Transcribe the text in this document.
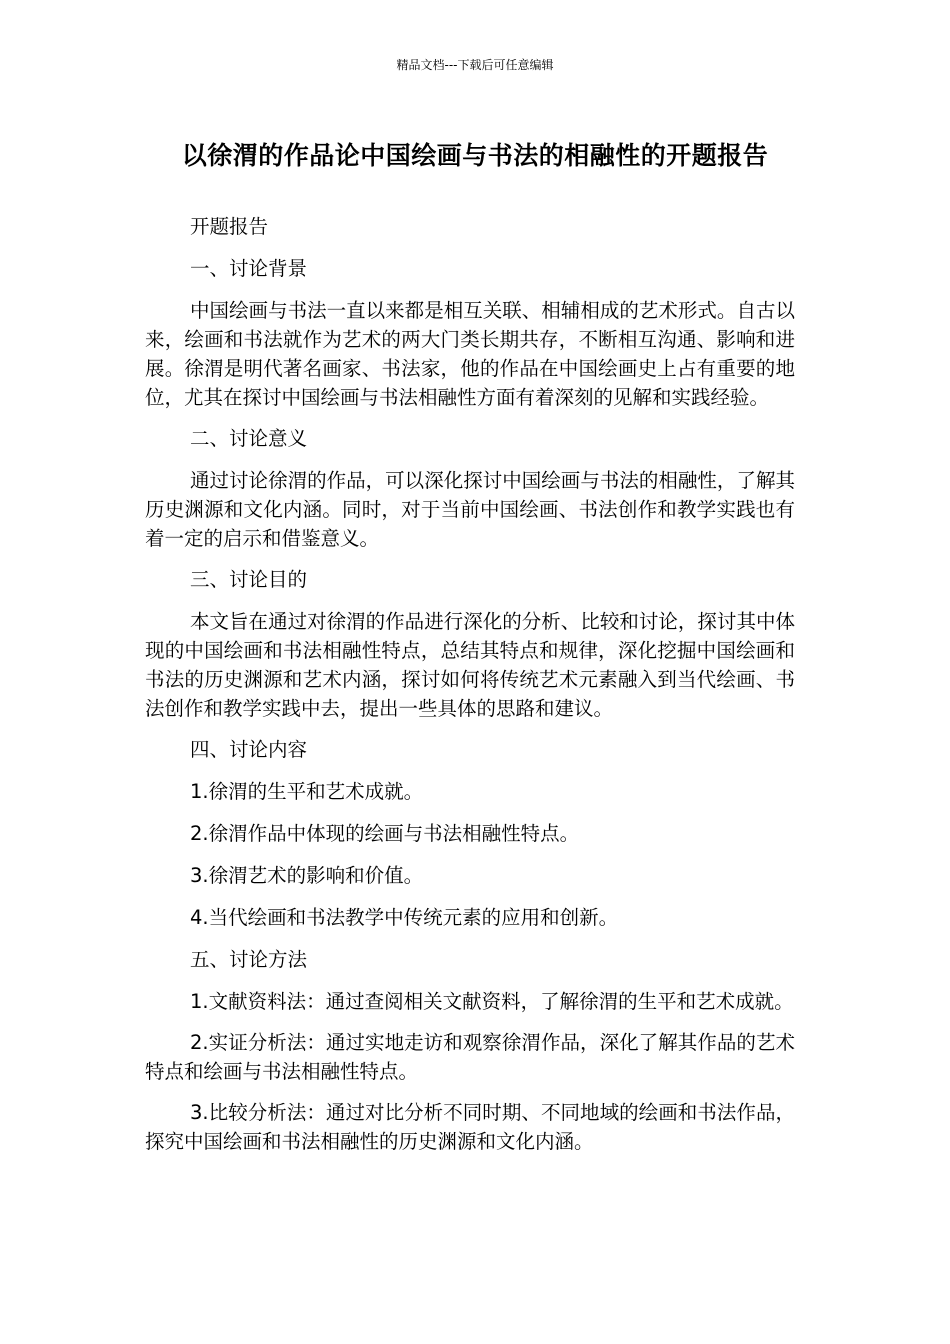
精品文档---下载后可任意编辑
以徐渭的作品论中国绘画与书法的相融性的开题报告

开题报告

一、讨论背景

中国绘画与书法一直以来都是相互关联、相辅相成的艺术形式。自古以来，绘画和书法就作为艺术的两大门类长期共存，不断相互沟通、影响和进展。徐渭是明代著名画家、书法家，他的作品在中国绘画史上占有重要的地位，尤其在探讨中国绘画与书法相融性方面有着深刻的见解和实践经验。

二、讨论意义

通过讨论徐渭的作品，可以深化探讨中国绘画与书法的相融性，了解其历史渊源和文化内涵。同时，对于当前中国绘画、书法创作和教学实践也有着一定的启示和借鉴意义。

三、讨论目的

本文旨在通过对徐渭的作品进行深化的分析、比较和讨论，探讨其中体现的中国绘画和书法相融性特点，总结其特点和规律，深化挖掘中国绘画和书法的历史渊源和艺术内涵，探讨如何将传统艺术元素融入到当代绘画、书法创作和教学实践中去，提出一些具体的思路和建议。

四、讨论内容

1.徐渭的生平和艺术成就。

2.徐渭作品中体现的绘画与书法相融性特点。

3.徐渭艺术的影响和价值。

4.当代绘画和书法教学中传统元素的应用和创新。

五、讨论方法

1.文献资料法：通过查阅相关文献资料，了解徐渭的生平和艺术成就。

2.实证分析法：通过实地走访和观察徐渭作品，深化了解其作品的艺术特点和绘画与书法相融性特点。

3.比较分析法：通过对比分析不同时期、不同地域的绘画和书法作品，探究中国绘画和书法相融性的历史渊源和文化内涵。
